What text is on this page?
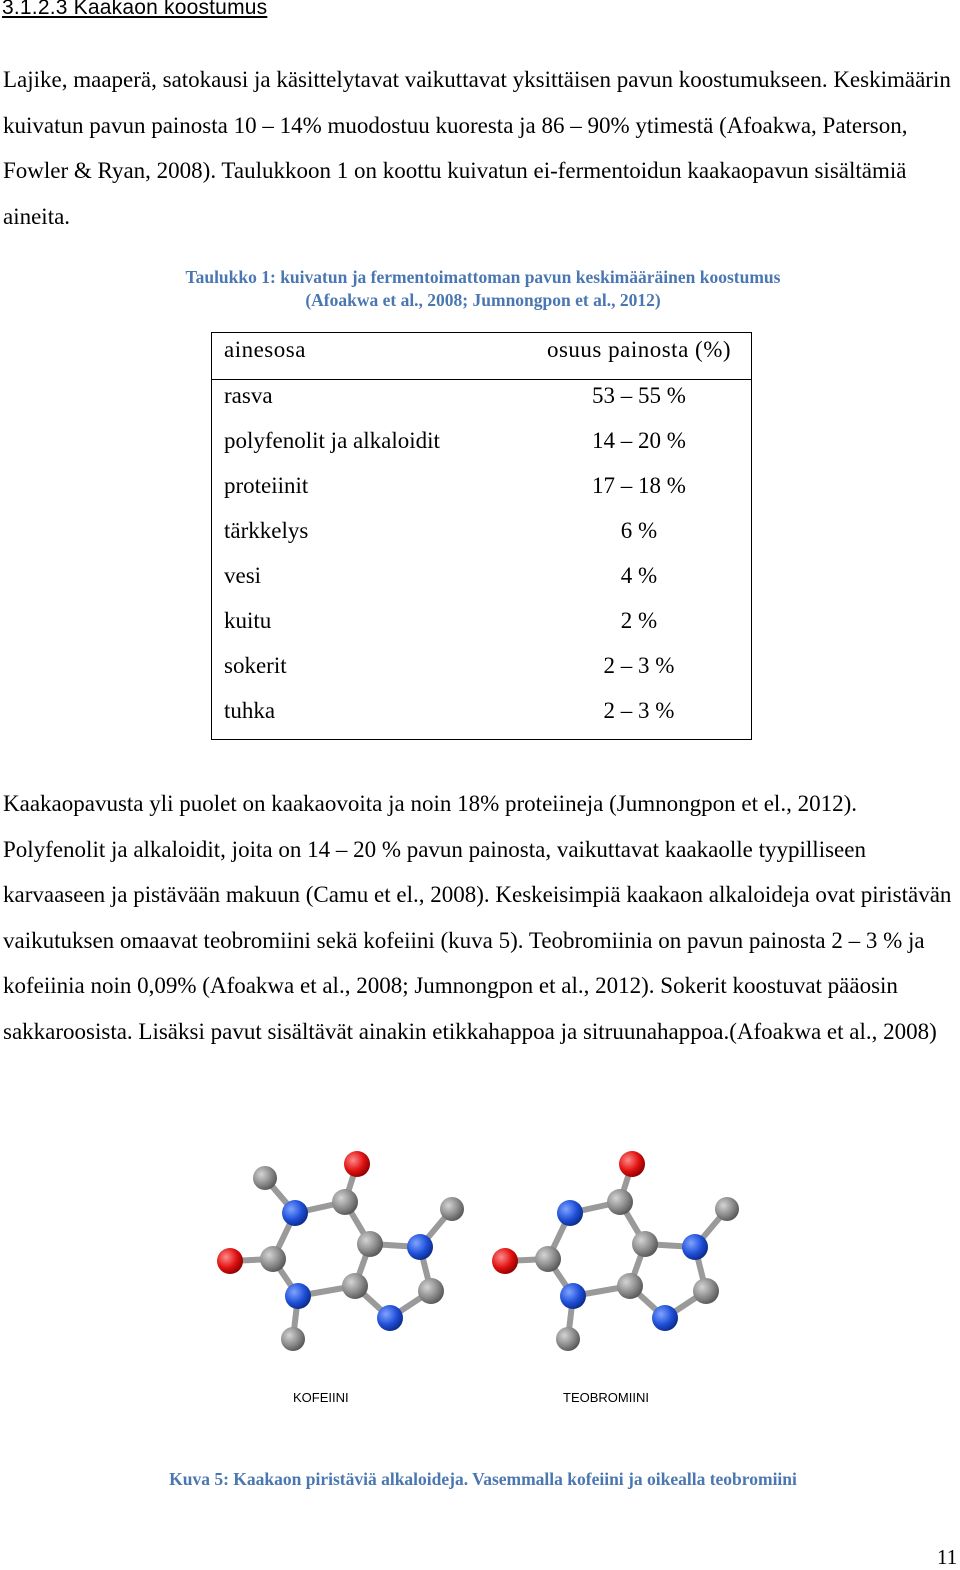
3.1.2.3 Kaakaon koostumus

Lajike, maaperä, satokausi ja käsittelytavat vaikuttavat yksittäisen pavun koostumukseen. Keskimäärin kuivatun pavun painosta 10 – 14% muodostuu kuoresta ja 86 – 90% ytimestä (Afoakwa, Paterson, Fowler & Ryan, 2008). Taulukkoon 1 on koottu kuivatun ei-fermentoidun kaakaopavun sisältämiä aineita.

Taulukko 1: kuivatun ja fermentoimattoman pavun keskimääräinen koostumus
(Afoakwa et al., 2008; Jumnongpon et al., 2012)
ainesosa	osuus painosta (%)
rasva	53 – 55 %
polyfenolit ja alkaloidit	14 – 20 %
proteiinit	17 – 18 %
tärkkelys	6 %
vesi	4 %
kuitu	2 %
sokerit	2 – 3 %
tuhka	2 – 3 %

Kaakaopavusta yli puolet on kaakaovoita ja noin 18% proteiineja (Jumnongpon et el., 2012). Polyfenolit ja alkaloidit, joita on 14 – 20 % pavun painosta, vaikuttavat kaakaolle tyypilliseen karvaaseen ja pistävään makuun (Camu et el., 2008). Keskeisimpiä kaakaon alkaloideja ovat piristävän vaikutuksen omaavat teobromiini sekä kofeiini (kuva 5). Teobromiinia on pavun painosta 2 – 3 % ja kofeiinia noin 0,09% (Afoakwa et al., 2008; Jumnongpon et al., 2012). Sokerit koostuvat pääosin sakkaroosista. Lisäksi pavut sisältävät ainakin etikkahappoa ja sitruunahappoa.(Afoakwa et al., 2008)

KOFEIINI	TEOBROMIINI
Kuva 5: Kaakaon piristäviä alkaloideja. Vasemmalla kofeiini ja oikealla teobromiini
11
